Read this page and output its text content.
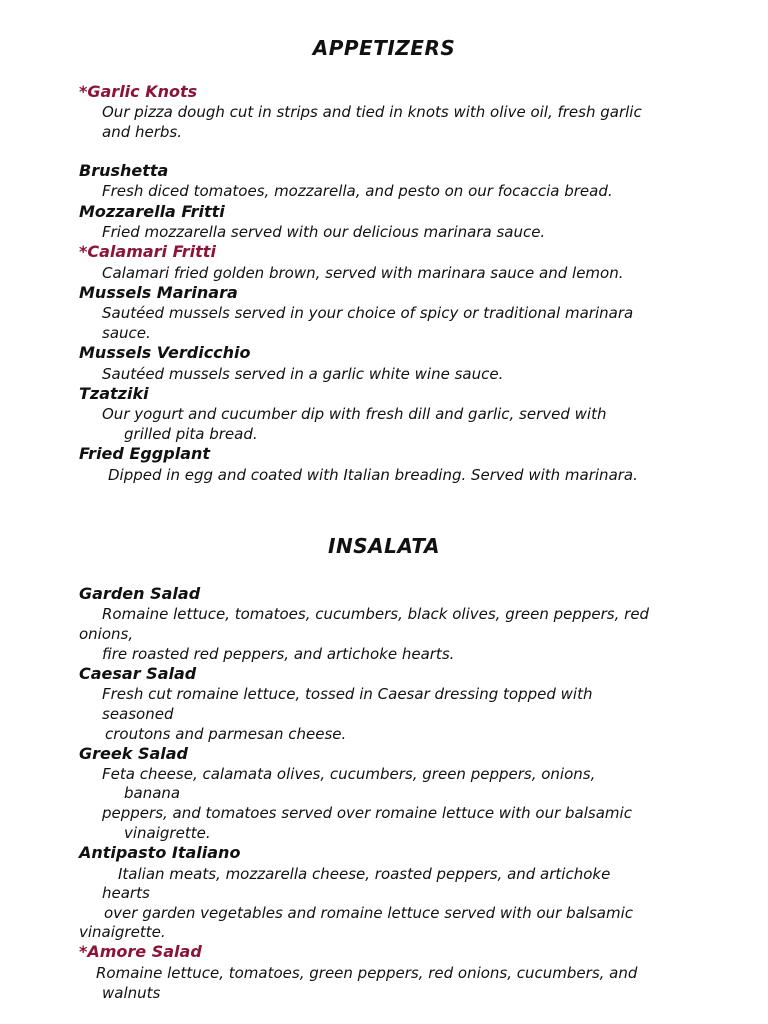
APPETIZERS
*Garlic Knots
Our pizza dough cut in strips and tied in knots with olive oil, fresh garlic
and herbs.
Brushetta
Fresh diced tomatoes, mozzarella, and pesto on our focaccia bread.
Mozzarella Fritti
Fried mozzarella served with our delicious marinara sauce.
*Calamari Fritti
Calamari fried golden brown, served with marinara sauce and lemon.
Mussels Marinara
Sautéed mussels served in your choice of spicy or traditional marinara
sauce.
Mussels Verdicchio
Sautéed mussels served in a garlic white wine sauce.
Tzatziki
Our yogurt and cucumber dip with fresh dill and garlic, served with
grilled pita bread.
Fried Eggplant
Dipped in egg and coated with Italian breading. Served with marinara.
INSALATA
Garden Salad
Romaine lettuce, tomatoes, cucumbers, black olives, green peppers, red
onions,
fire roasted red peppers, and artichoke hearts.
Caesar Salad
Fresh cut romaine lettuce, tossed in Caesar dressing topped with
seasoned
croutons and parmesan cheese.
Greek Salad
Feta cheese, calamata olives, cucumbers, green peppers, onions,
banana
peppers, and tomatoes served over romaine lettuce with our balsamic
vinaigrette.
Antipasto Italiano
Italian meats, mozzarella cheese, roasted peppers, and artichoke
hearts
over garden vegetables and romaine lettuce served with our balsamic
vinaigrette.
*Amore Salad
Romaine lettuce, tomatoes, green peppers, red onions, cucumbers, and
walnuts
